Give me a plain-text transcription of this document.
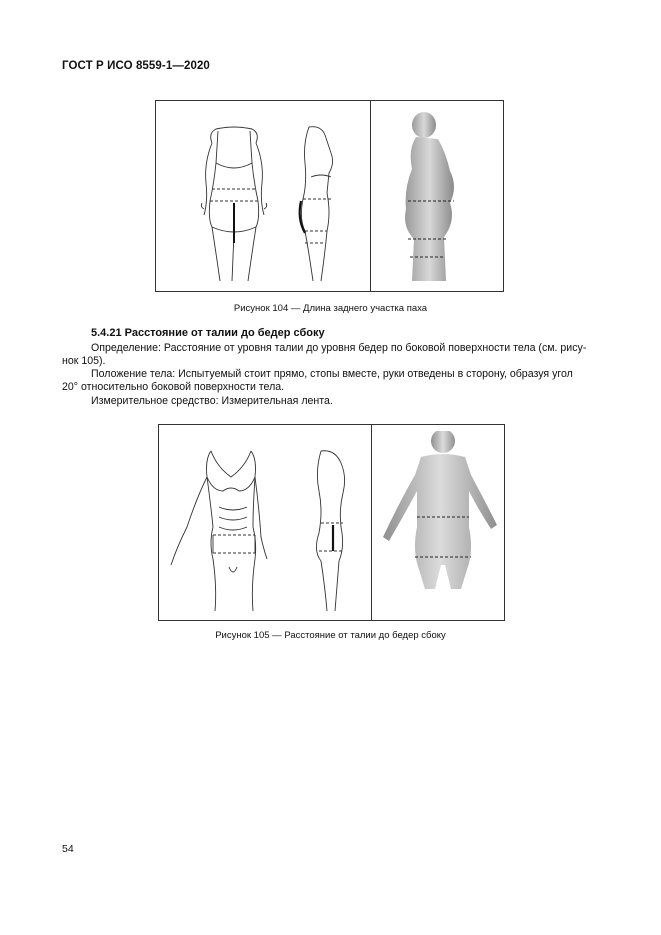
ГОСТ Р ИСО 8559-1—2020
Рисунок 104 — Длина заднего участка паха
5.4.21 Расстояние от талии до бедер сбоку
Определение: Расстояние от уровня талии до уровня бедер по боковой поверхности тела (см. рису-
нок 105).
Положение тела: Испытуемый стоит прямо, стопы вместе, руки отведены в сторону, образуя угол
20° относительно боковой поверхности тела.
Измерительное средство: Измерительная лента.
Рисунок 105 — Расстояние от талии до бедер сбоку
54
